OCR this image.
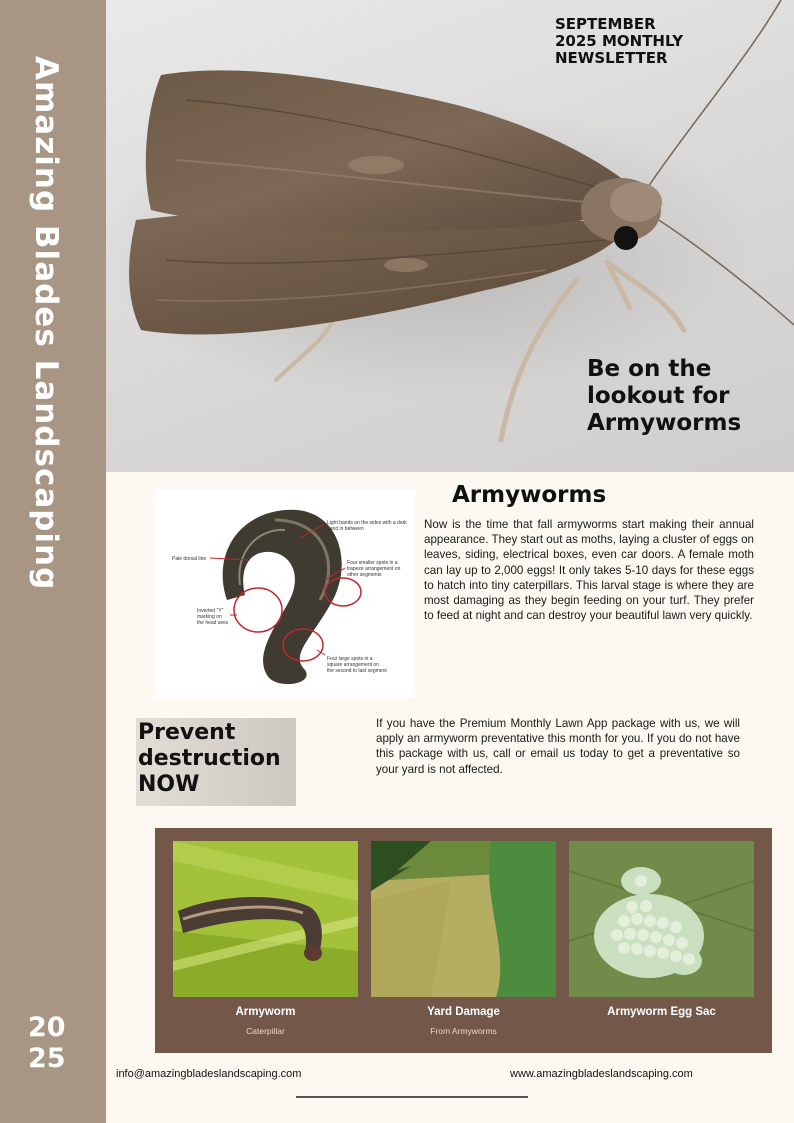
Amazing Blades Landscaping
20
25
SEPTEMBER
2025 MONTHLY
NEWSLETTER
Be on the
lookout for
Armyworms
Light bands on the sides with a dark band in between
Pale dorsal line
Four smaller spots in a trapeze arrangement on other segments
Inverted "Y" marking on the head area
Four large spots in a square arrangement on the second to last segment
Armyworms
Now is the time that fall armyworms start making their annual appearance. They start out as moths, laying a cluster of eggs on leaves, siding, electrical boxes, even car doors. A female moth can lay up to 2,000 eggs! It only takes 5-10 days for these eggs to hatch into tiny caterpillars. This larval stage is where they are most damaging as they begin feeding on your turf. They prefer to feed at night and can destroy your beautiful lawn very quickly.
Prevent
destruction
NOW
If you have the Premium Monthly Lawn App package with us, we will apply an armyworm preventative this month for you. If you do not have this package with us, call or email us today to get a preventative so your yard is not affected.
Armyworm
Caterpillar
Yard Damage
From Armyworms
Armyworm Egg Sac
info@amazingbladeslandscaping.com	www.amazingbladeslandscaping.com
